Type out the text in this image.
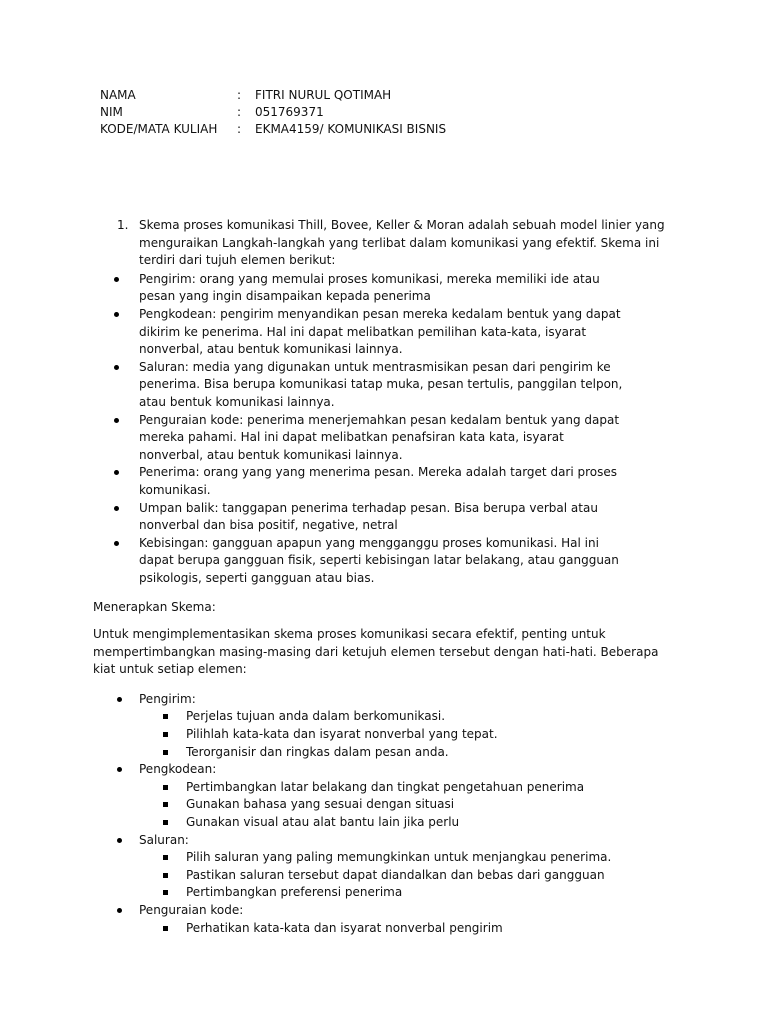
NAMA	:	FITRI NURUL QOTIMAH
NIM	:	051769371
KODE/MATA KULIAH	:	EKMA4159/ KOMUNIKASI BISNIS
1. Skema proses komunikasi Thill, Bovee, Keller & Moran adalah sebuah model linier yang menguraikan Langkah-langkah yang terlibat dalam komunikasi yang efektif. Skema ini terdiri dari tujuh elemen berikut:
Pengirim: orang yang memulai proses komunikasi, mereka memiliki ide atau pesan yang ingin disampaikan kepada penerima
Pengkodean: pengirim menyandikan pesan mereka kedalam bentuk yang dapat dikirim ke penerima. Hal ini dapat melibatkan pemilihan kata-kata, isyarat nonverbal, atau bentuk komunikasi lainnya.
Saluran: media yang digunakan untuk mentrasmisikan pesan dari pengirim ke penerima. Bisa berupa komunikasi tatap muka, pesan tertulis, panggilan telpon, atau bentuk komunikasi lainnya.
Penguraian kode: penerima menerjemahkan pesan kedalam bentuk yang dapat mereka pahami. Hal ini dapat melibatkan penafsiran kata kata, isyarat nonverbal, atau bentuk komunikasi lainnya.
Penerima: orang yang yang menerima pesan. Mereka adalah target dari proses komunikasi.
Umpan balik: tanggapan penerima terhadap pesan. Bisa berupa verbal atau nonverbal dan bisa positif, negative, netral
Kebisingan: gangguan apapun yang mengganggu proses komunikasi. Hal ini dapat berupa gangguan fisik, seperti kebisingan latar belakang, atau gangguan psikologis, seperti gangguan atau bias.
Menerapkan Skema:
Untuk mengimplementasikan skema proses komunikasi secara efektif, penting untuk mempertimbangkan masing-masing dari ketujuh elemen tersebut dengan hati-hati. Beberapa kiat untuk setiap elemen:
Pengirim:
Perjelas tujuan anda dalam berkomunikasi.
Pilihlah kata-kata dan isyarat nonverbal yang tepat.
Terorganisir dan ringkas dalam pesan anda.
Pengkodean:
Pertimbangkan latar belakang dan tingkat pengetahuan penerima
Gunakan bahasa yang sesuai dengan situasi
Gunakan visual atau alat bantu lain jika perlu
Saluran:
Pilih saluran yang paling memungkinkan untuk menjangkau penerima.
Pastikan saluran tersebut dapat diandalkan dan bebas dari gangguan
Pertimbangkan preferensi penerima
Penguraian kode:
Perhatikan kata-kata dan isyarat nonverbal pengirim
